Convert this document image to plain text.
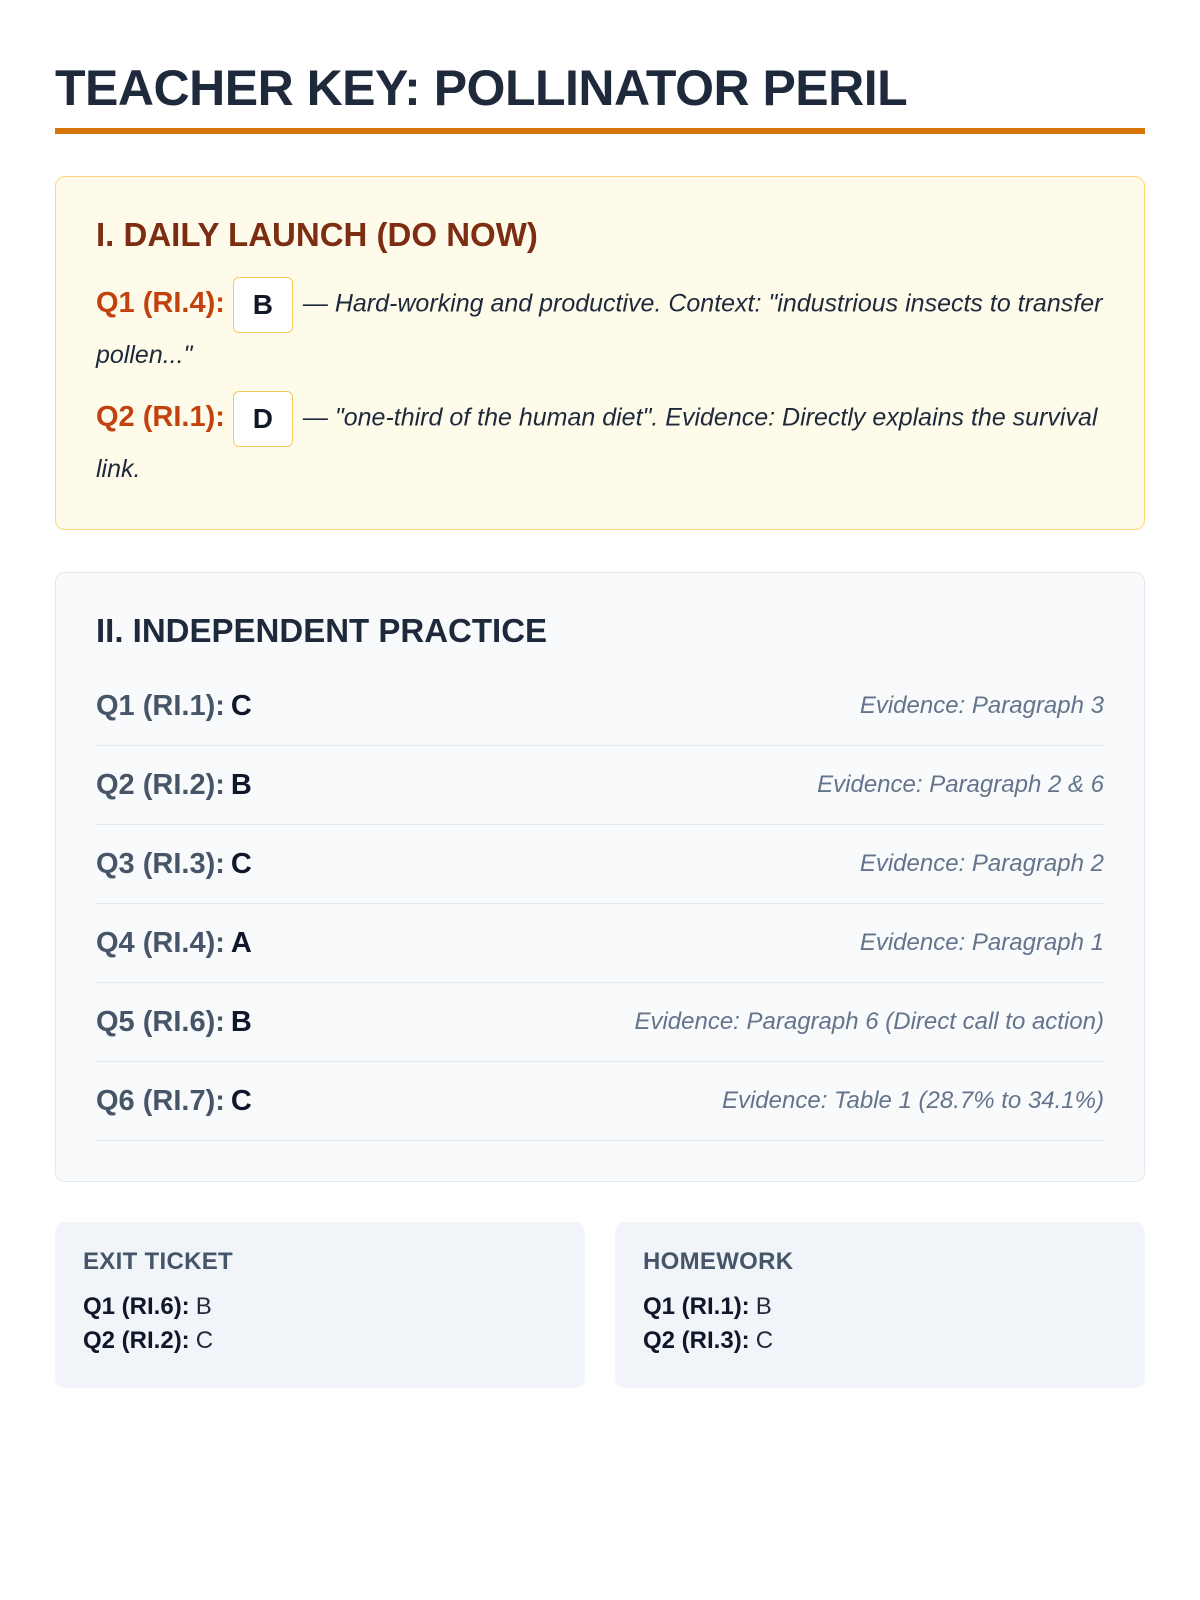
TEACHER KEY: POLLINATOR PERIL
I. DAILY LAUNCH (DO NOW)
Q1 (RI.4): B — Hard-working and productive. Context: "industrious insects to transfer pollen..."
Q2 (RI.1): D — "one-third of the human diet". Evidence: Directly explains the survival link.
II. INDEPENDENT PRACTICE
Q1 (RI.1): C	Evidence: Paragraph 3
Q2 (RI.2): B	Evidence: Paragraph 2 & 6
Q3 (RI.3): C	Evidence: Paragraph 2
Q4 (RI.4): A	Evidence: Paragraph 1
Q5 (RI.6): B	Evidence: Paragraph 6 (Direct call to action)
Q6 (RI.7): C	Evidence: Table 1 (28.7% to 34.1%)
EXIT TICKET
Q1 (RI.6): B
Q2 (RI.2): C
HOMEWORK
Q1 (RI.1): B
Q2 (RI.3): C
